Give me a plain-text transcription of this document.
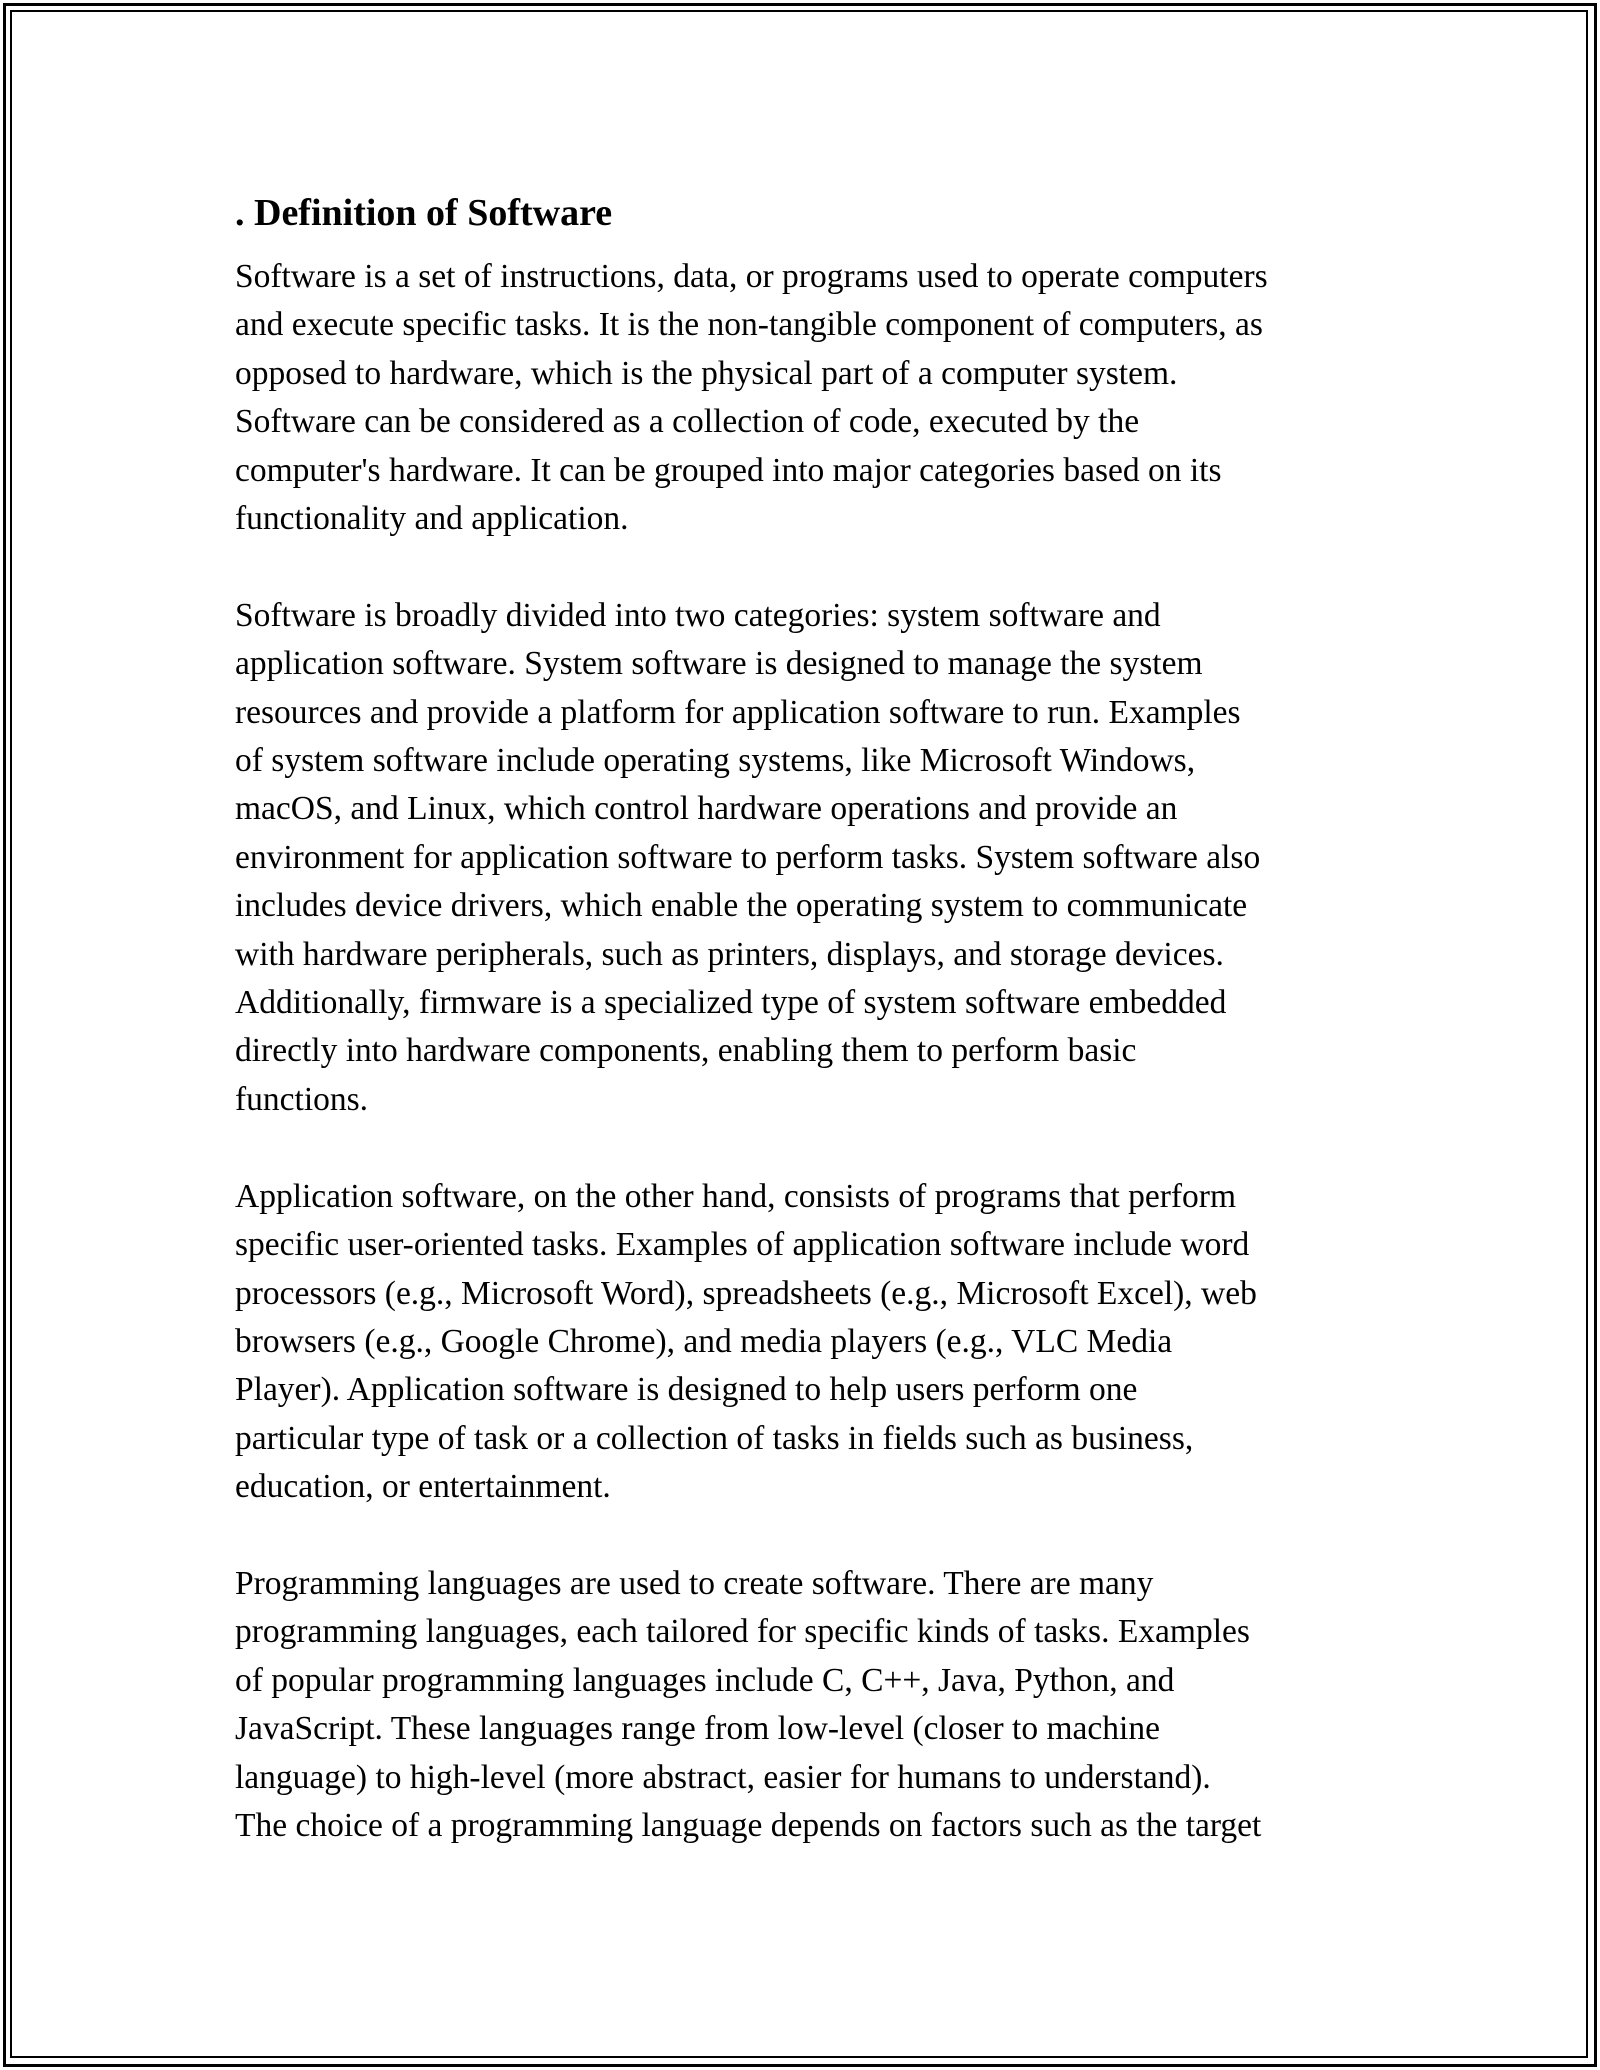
. Definition of Software

Software is a set of instructions, data, or programs used to operate computers
and execute specific tasks. It is the non-tangible component of computers, as
opposed to hardware, which is the physical part of a computer system.
Software can be considered as a collection of code, executed by the
computer's hardware. It can be grouped into major categories based on its
functionality and application.

Software is broadly divided into two categories: system software and
application software. System software is designed to manage the system
resources and provide a platform for application software to run. Examples
of system software include operating systems, like Microsoft Windows,
macOS, and Linux, which control hardware operations and provide an
environment for application software to perform tasks. System software also
includes device drivers, which enable the operating system to communicate
with hardware peripherals, such as printers, displays, and storage devices.
Additionally, firmware is a specialized type of system software embedded
directly into hardware components, enabling them to perform basic
functions.

Application software, on the other hand, consists of programs that perform
specific user-oriented tasks. Examples of application software include word
processors (e.g., Microsoft Word), spreadsheets (e.g., Microsoft Excel), web
browsers (e.g., Google Chrome), and media players (e.g., VLC Media
Player). Application software is designed to help users perform one
particular type of task or a collection of tasks in fields such as business,
education, or entertainment.

Programming languages are used to create software. There are many
programming languages, each tailored for specific kinds of tasks. Examples
of popular programming languages include C, C++, Java, Python, and
JavaScript. These languages range from low-level (closer to machine
language) to high-level (more abstract, easier for humans to understand).
The choice of a programming language depends on factors such as the target
